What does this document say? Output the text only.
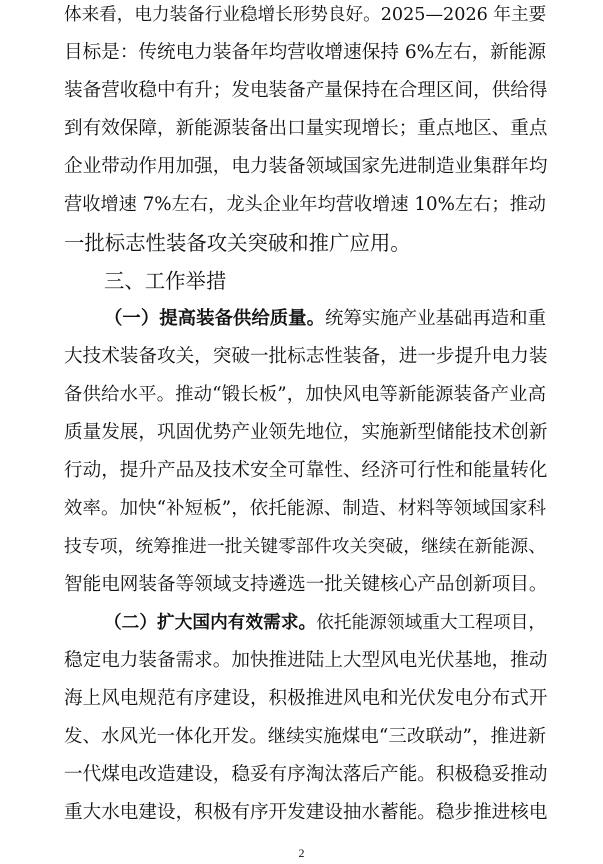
体来看，电力装备行业稳增长形势良好。2025—2026 年主要
目标是：传统电力装备年均营收增速保持 6%左右，新能源
装备营收稳中有升；发电装备产量保持在合理区间，供给得
到有效保障，新能源装备出口量实现增长；重点地区、重点
企业带动作用加强，电力装备领域国家先进制造业集群年均
营收增速 7%左右，龙头企业年均营收增速 10%左右；推动
一批标志性装备攻关突破和推广应用。
三、工作举措
（一）提高装备供给质量。统筹实施产业基础再造和重
大技术装备攻关，突破一批标志性装备，进一步提升电力装
备供给水平。推动“锻长板”，加快风电等新能源装备产业高
质量发展，巩固优势产业领先地位，实施新型储能技术创新
行动，提升产品及技术安全可靠性、经济可行性和能量转化
效率。加快“补短板”，依托能源、制造、材料等领域国家科
技专项，统筹推进一批关键零部件攻关突破，继续在新能源、
智能电网装备等领域支持遴选一批关键核心产品创新项目。
（二）扩大国内有效需求。依托能源领域重大工程项目，
稳定电力装备需求。加快推进陆上大型风电光伏基地，推动
海上风电规范有序建设，积极推进风电和光伏发电分布式开
发、水风光一体化开发。继续实施煤电“三改联动”，推进新
一代煤电改造建设，稳妥有序淘汰落后产能。积极稳妥推动
重大水电建设，积极有序开发建设抽水蓄能。稳步推进核电
2
